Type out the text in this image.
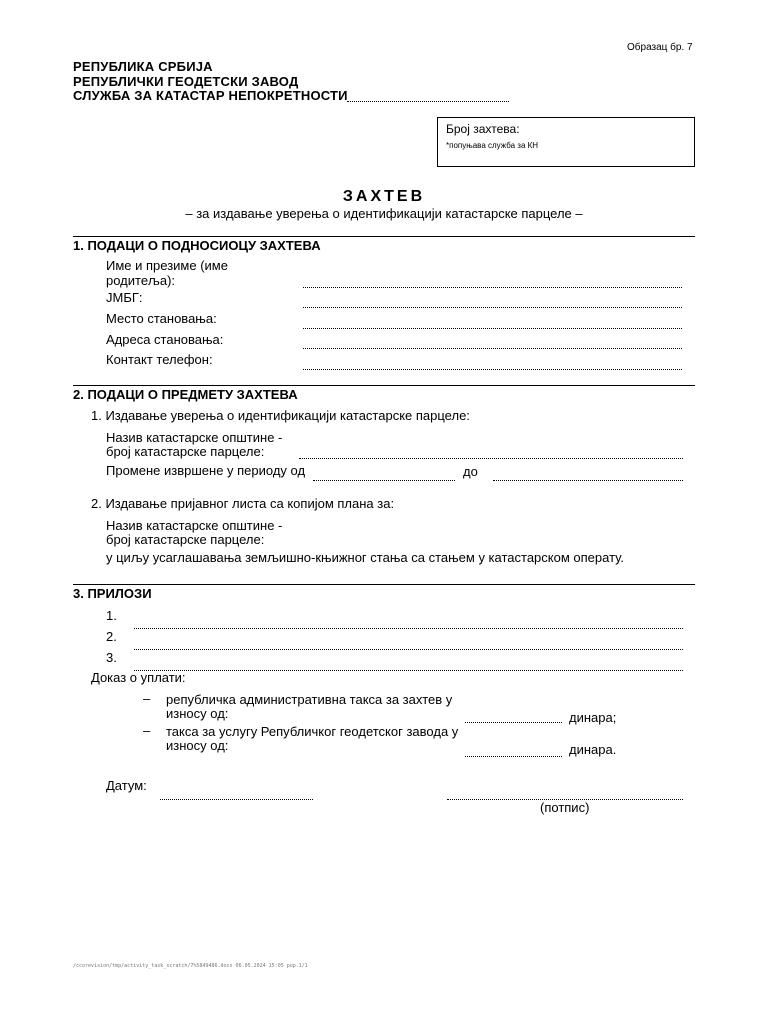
Образац бр. 7
РЕПУБЛИКА СРБИЈА
РЕПУБЛИЧКИ ГЕОДЕТСКИ ЗАВОД
СЛУЖБА ЗА КАТАСТАР НЕПОКРЕТНОСТИ
Број захтева:
*попуњава служба за КН
ЗАХТЕВ
– за издавање уверења о идентификацији катастарске парцеле –
1. ПОДАЦИ О ПОДНОСИОЦУ ЗАХТЕВА
Име и презиме (име
родитеља):
ЈМБГ:
Место становања:
Адреса становања:
Контакт телефон:
2. ПОДАЦИ О ПРЕДМЕТУ ЗАХТЕВА
1. Издавање уверења о идентификацији катастарске парцеле:
Назив катастарске општине -
број катастарске парцеле:
Промене извршене у периоду од	до
2. Издавање пријавног листа са копијом плана за:
Назив катастарске општине -
број катастарске парцеле:
у циљу усаглашавања земљишно-књижног стања са стањем у катастарском операту.
3. ПРИЛОЗИ
1.
2.
3.
Доказ о уплати:
– републичка административна такса за захтев у
износу од:	динара;
– такса за услугу Републичког геодетског завода у
износу од:	динара.
Датум:
(потпис)
/ccorevision/tmp/activity_task_scratch/7%5849486.docx 06.05.2024 15:05 pup.1/1
